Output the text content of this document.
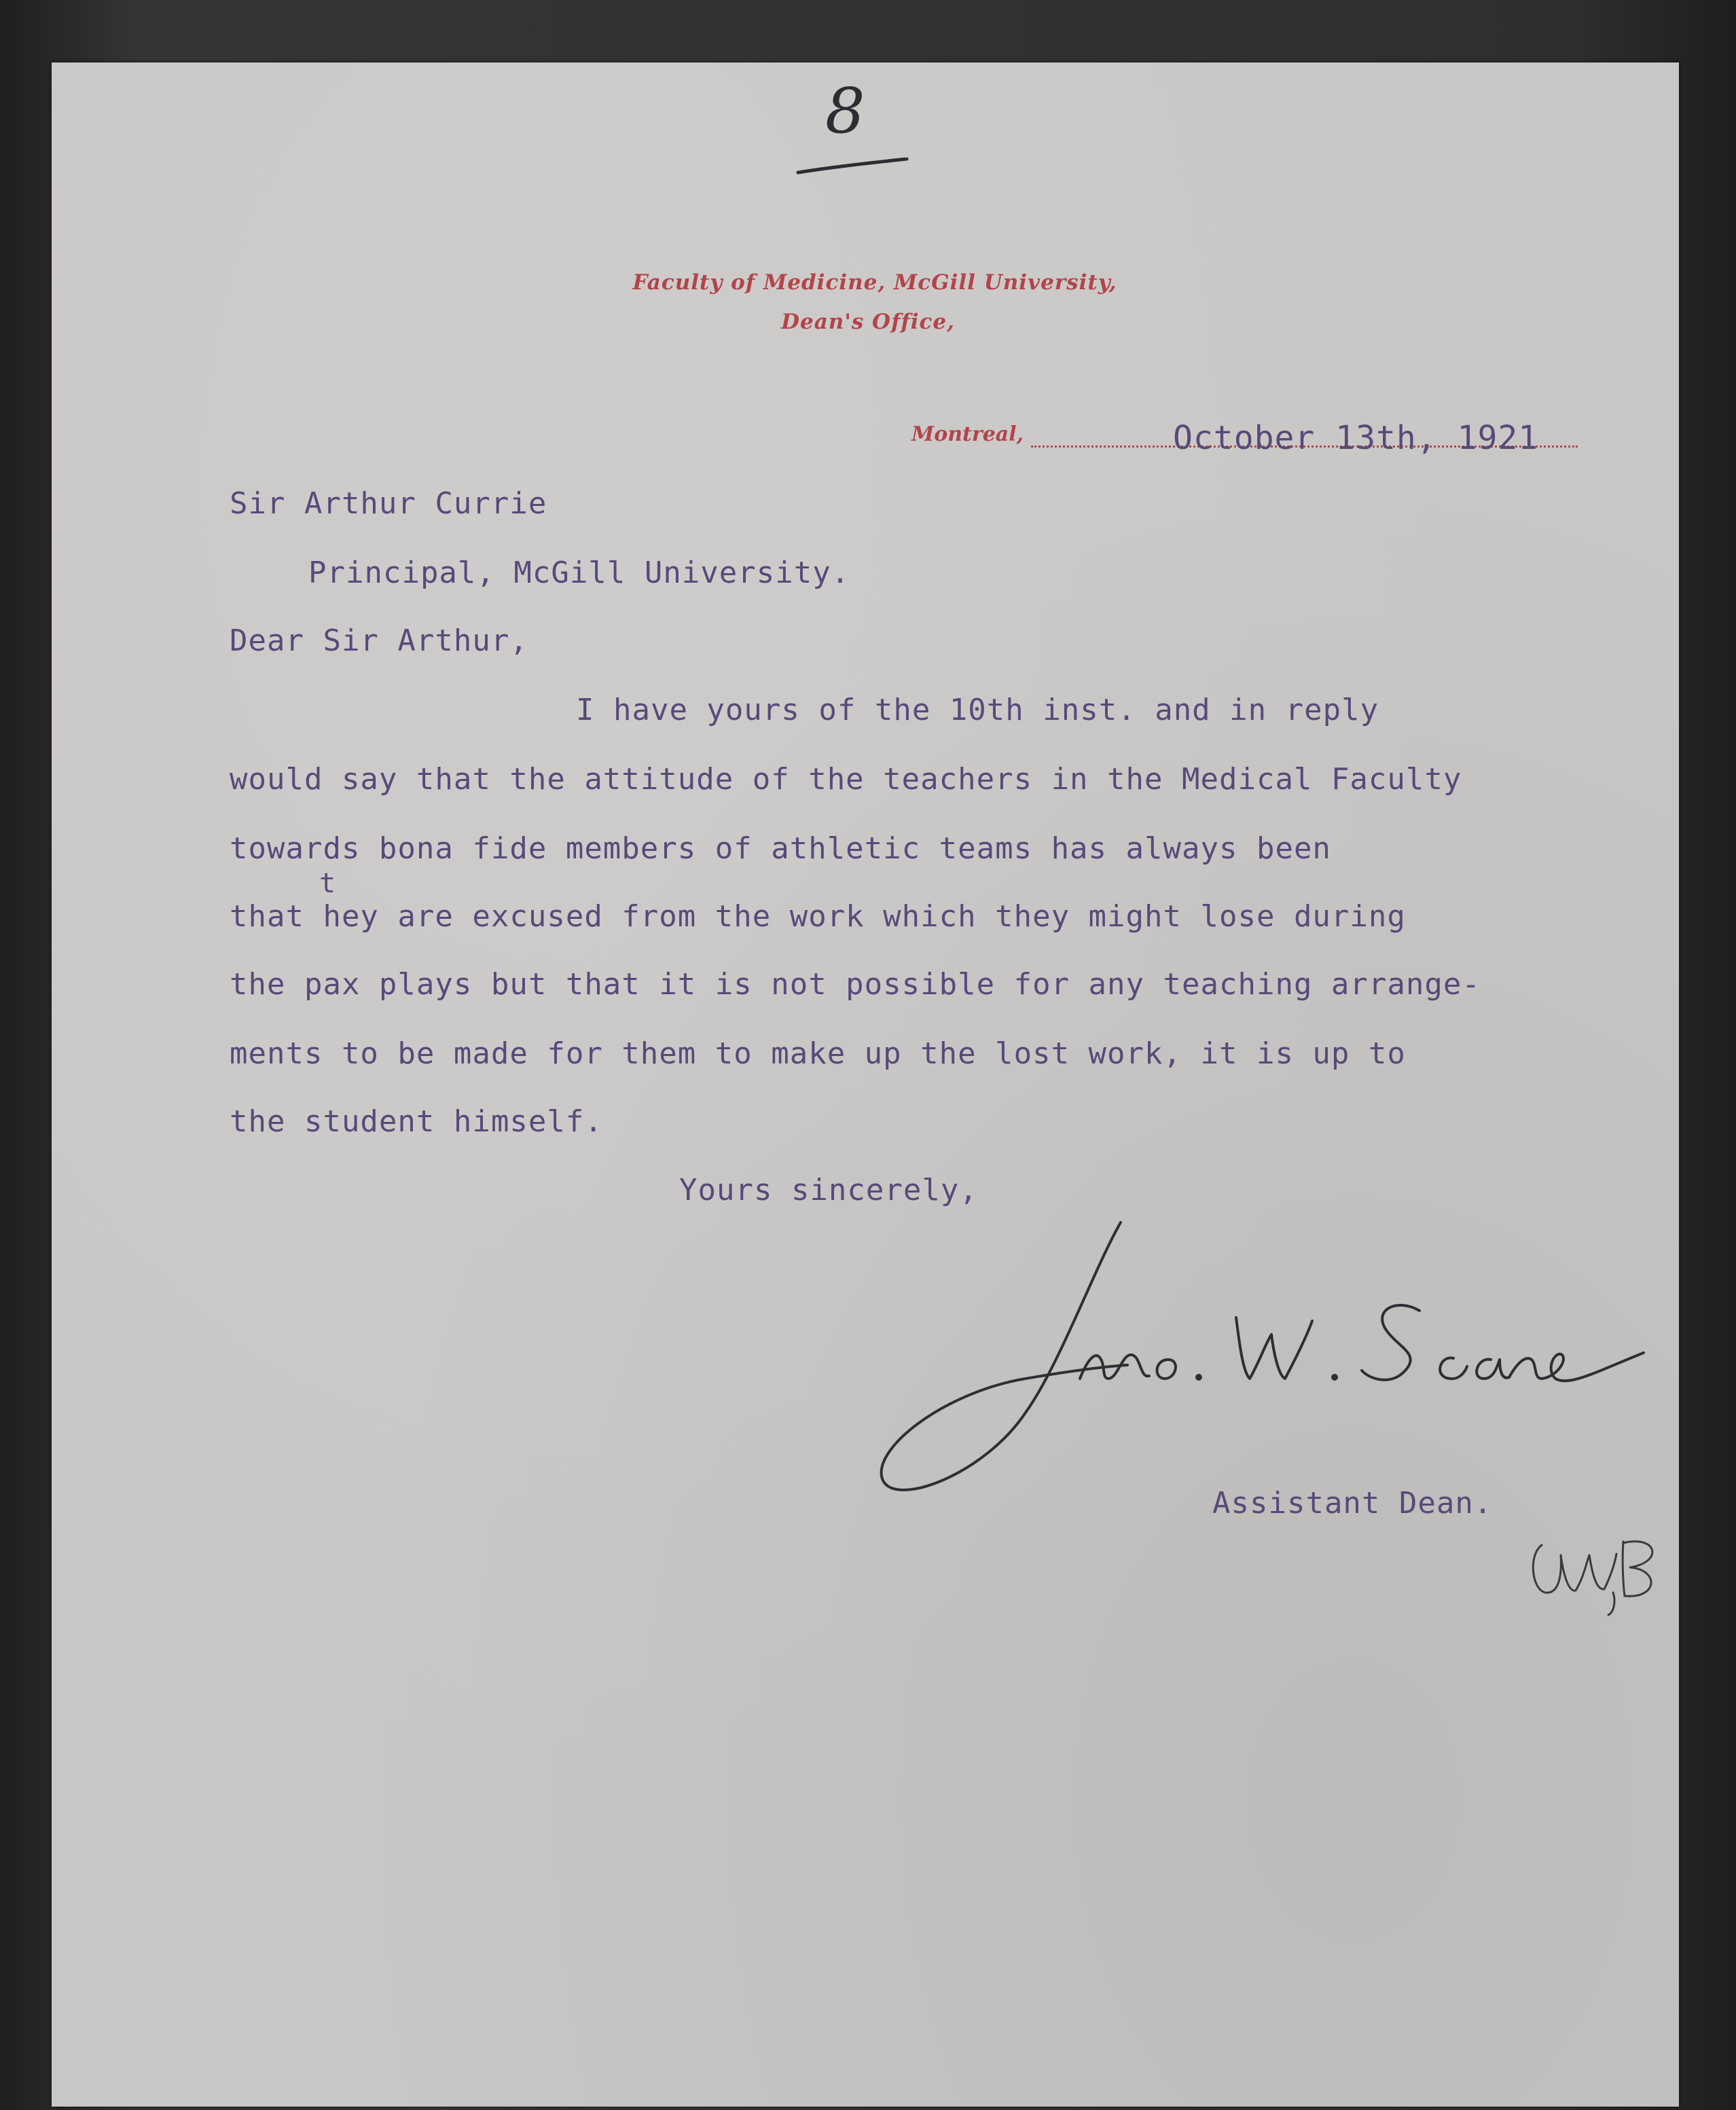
8
Faculty of Medicine, McGill University,
Dean's Office,
Montreal,	October 13th, 1921
Sir Arthur Currie
Principal, McGill University.
Dear Sir Arthur,
I have yours of the 10th inst. and in reply
would say that the attitude of the teachers in the Medical Faculty
towards bona fide members of athletic teams has always been
t
that hey are excused from the work which they might lose during
the pax plays but that it is not possible for any teaching arrange-
ments to be made for them to make up the lost work, it is up to
the student himself.
Yours sincerely,
Assistant Dean.
